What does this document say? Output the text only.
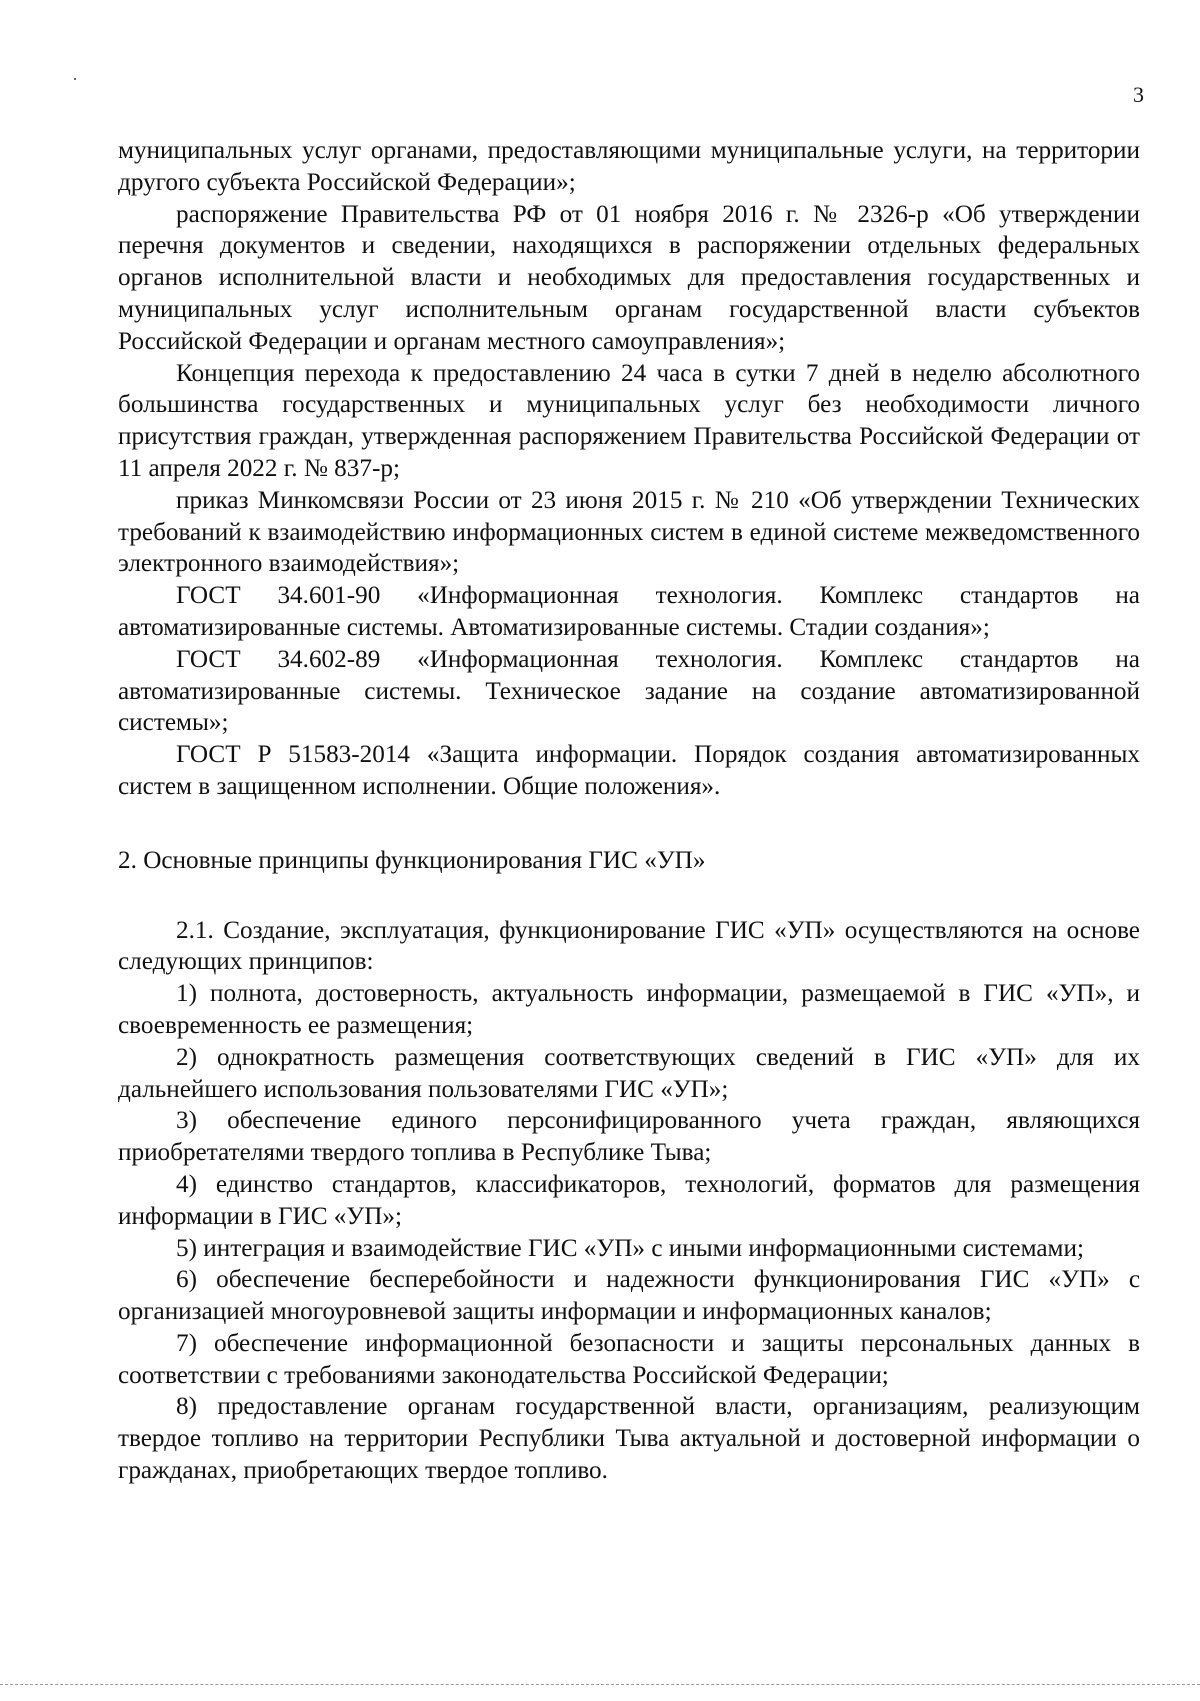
3

муниципальных услуг органами, предоставляющими муниципальные услуги, на территории другого субъекта Российской Федерации»;

распоряжение Правительства РФ от 01 ноября 2016 г. № 2326-р «Об утверждении перечня документов и сведении, находящихся в распоряжении отдельных федеральных органов исполнительной власти и необходимых для предоставления государственных и муниципальных услуг исполнительным органам государственной власти субъектов Российской Федерации и органам местного самоуправления»;

Концепция перехода к предоставлению 24 часа в сутки 7 дней в неделю абсолютного большинства государственных и муниципальных услуг без необходимости личного присутствия граждан, утвержденная распоряжением Правительства Российской Федерации от 11 апреля 2022 г. № 837-р;

приказ Минкомсвязи России от 23 июня 2015 г. № 210 «Об утверждении Технических требований к взаимодействию информационных систем в единой системе межведомственного электронного взаимодействия»;

ГОСТ 34.601-90 «Информационная технология. Комплекс стандартов на автоматизированные системы. Автоматизированные системы. Стадии создания»;

ГОСТ 34.602-89 «Информационная технология. Комплекс стандартов на автоматизированные системы. Техническое задание на создание автоматизированной системы»;

ГОСТ Р 51583-2014 «Защита информации. Порядок создания автоматизированных систем в защищенном исполнении. Общие положения».

2. Основные принципы функционирования ГИС «УП»

2.1. Создание, эксплуатация, функционирование ГИС «УП» осуществляются на основе следующих принципов:

1) полнота, достоверность, актуальность информации, размещаемой в ГИС «УП», и своевременность ее размещения;

2) однократность размещения соответствующих сведений в ГИС «УП» для их дальнейшего использования пользователями ГИС «УП»;

3) обеспечение единого персонифицированного учета граждан, являющихся приобретателями твердого топлива в Республике Тыва;

4) единство стандартов, классификаторов, технологий, форматов для размещения информации в ГИС «УП»;

5) интеграция и взаимодействие ГИС «УП» с иными информационными системами;

6) обеспечение бесперебойности и надежности функционирования ГИС «УП» с организацией многоуровневой защиты информации и информационных каналов;

7) обеспечение информационной безопасности и защиты персональных данных в соответствии с требованиями законодательства Российской Федерации;

8) предоставление органам государственной власти, организациям, реализующим твердое топливо на территории Республики Тыва актуальной и достоверной информации о гражданах, приобретающих твердое топливо.
